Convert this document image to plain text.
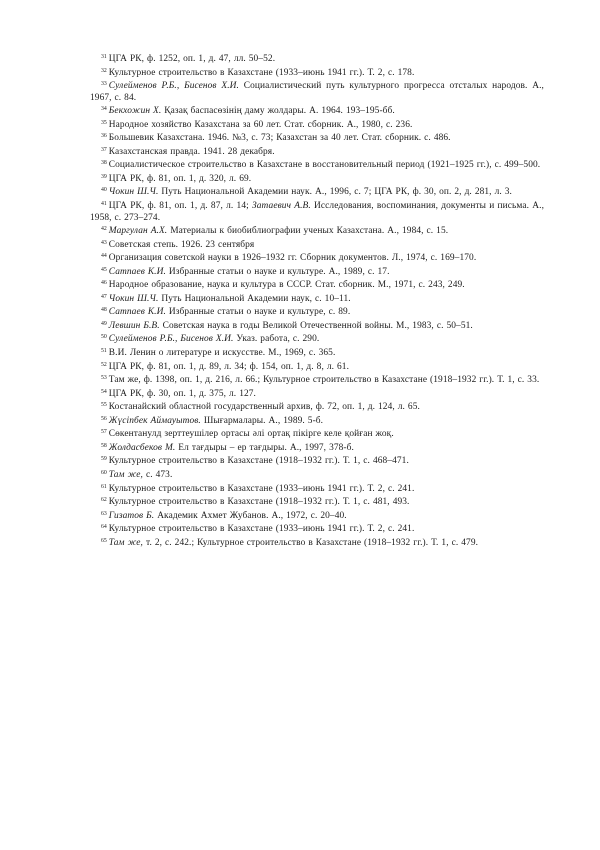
$^{31}$ ЦГА РК, ф. 1252, оп. 1, д. 47, лл. 50–52.
$^{32}$ Культурное строительство в Казахстане (1933–июнь 1941 гг.). Т. 2, с. 178.
$^{33}$ Сулейменов Р.Б., Бисенов Х.И. Социалистический путь культурного прогресса отсталых народов. А., 1967, с. 84.
$^{34}$ Бекхожин Х. Қазақ баспасөзінің даму жолдары. А. 1964. 193–195-бб.
$^{35}$ Народное хозяйство Казахстана за 60 лет. Стат. сборник. А., 1980, с. 236.
$^{36}$ Большевик Казахстана. 1946. №3, с. 73; Казахстан за 40 лет. Стат. сборник. с. 486.
$^{37}$ Казахстанская правда. 1941. 28 декабря.
$^{38}$ Социалистическое строительство в Казахстане в восстановительный период (1921–1925 гг.), с. 499–500.
$^{39}$ ЦГА РК, ф. 81, оп. 1, д. 320, л. 69.
$^{40}$ Чокин Ш.Ч. Путь Национальной Академии наук. А., 1996, с. 7; ЦГА РК, ф. 30, оп. 2, д. 281, л. 3.
$^{41}$ ЦГА РК, ф. 81, оп. 1, д. 87, л. 14; Затаевич А.В. Исследования, воспоминания, документы и письма. А., 1958, с. 273–274.
$^{42}$ Маргулан А.Х. Материалы к биобиблиографии ученых Казахстана. А., 1984, с. 15.
$^{43}$ Советская степь. 1926. 23 сентября
$^{44}$ Организация советской науки в 1926–1932 гг. Сборник документов. Л., 1974, с. 169–170.
$^{45}$ Сатпаев К.И. Избранные статьи о науке и культуре. А., 1989, с. 17.
$^{46}$ Народное образование, наука и культура в СССР. Стат. сборник. М., 1971, с. 243, 249.
$^{47}$ Чокин Ш.Ч. Путь Национальной Академии наук, с. 10–11.
$^{48}$ Сатпаев К.И. Избранные статьи о науке и культуре, с. 89.
$^{49}$ Левшин Б.В. Советская наука в годы Великой Отечественной войны. М., 1983, с. 50–51.
$^{50}$ Сулейменов Р.Б., Бисенов Х.И. Указ. работа, с. 290.
$^{51}$ В.И. Ленин о литературе и искусстве. М., 1969, с. 365.
$^{52}$ ЦГА РК, ф. 81, оп. 1, д. 89, л. 34; ф. 154, оп. 1, д. 8, л. 61.
$^{53}$ Там же, ф. 1398, оп. 1, д. 216, л. 66.; Культурное строительство в Казахстане (1918–1932 гг.). Т. 1, с. 33.
$^{54}$ ЦГА РК, ф. 30, оп. 1, д. 375, л. 127.
$^{55}$ Костанайский областной государственный архив, ф. 72, оп. 1, д. 124, л. 65.
$^{56}$ Жүсіпбек Аймауытов. Шығармалары. А., 1989. 5-б.
$^{57}$ Сөкентанулд зерттеушілер ортасы әлі ортақ пікірге келе қойған жоқ.
$^{58}$ Жолдасбеков М. Ел тағдыры – ер тағдыры. А., 1997, 378-б.
$^{59}$ Культурное строительство в Казахстане (1918–1932 гг.). Т. 1, с. 468–471.
$^{60}$ Там же, с. 473.
$^{61}$ Культурное строительство в Казахстане (1933–июнь 1941 гг.). Т. 2, с. 241.
$^{62}$ Культурное строительство в Казахстане (1918–1932 гг.). Т. 1, с. 481, 493.
$^{63}$ Гизатов Б. Академик Ахмет Жубанов. А., 1972, с. 20–40.
$^{64}$ Культурное строительство в Казахстане (1933–июнь 1941 гг.). Т. 2, с. 241.
$^{65}$ Там же, т. 2, с. 242.; Культурное строительство в Казахстане (1918–1932 гг.). Т. 1, с. 479.
